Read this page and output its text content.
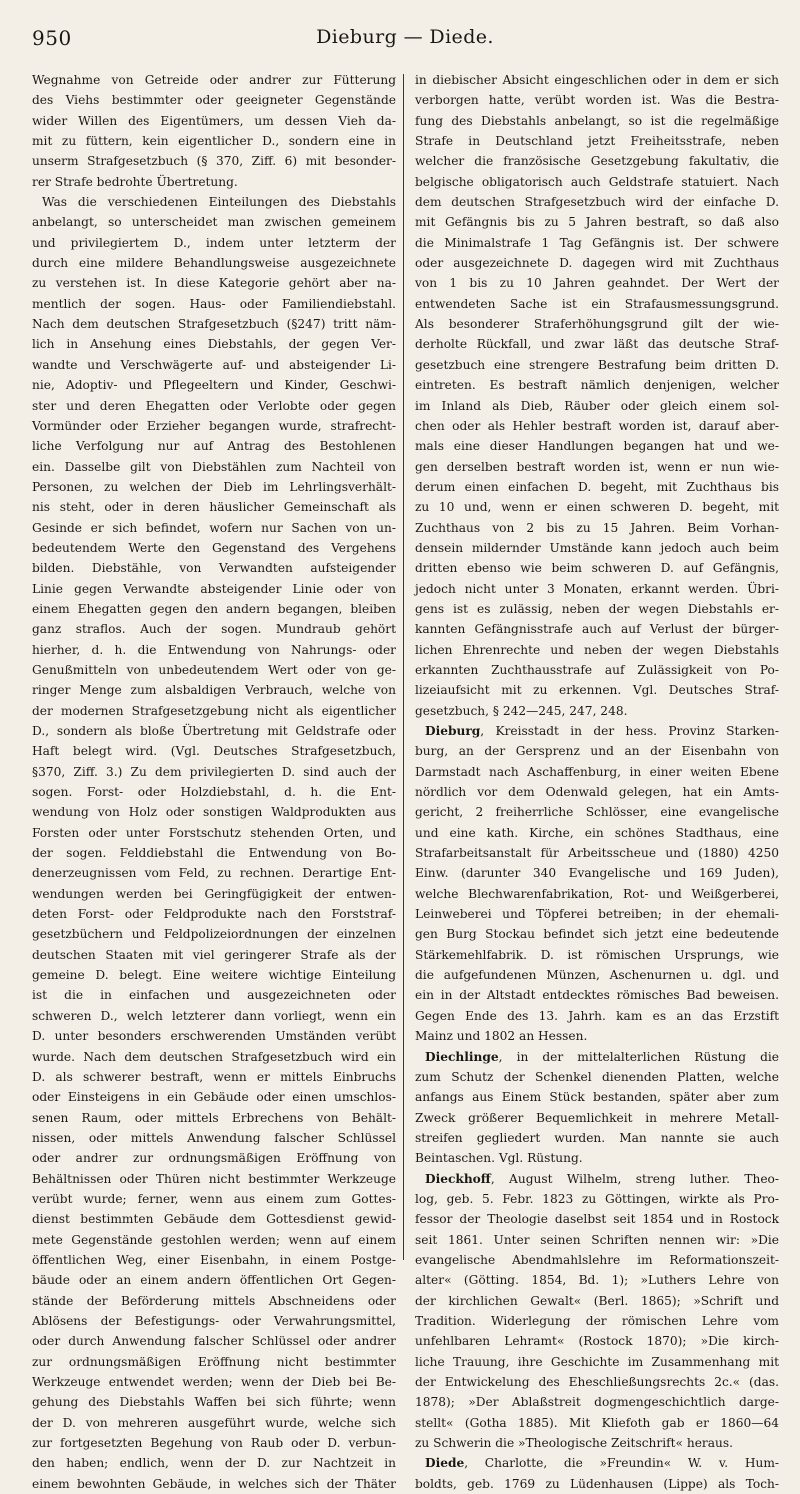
950	Dieburg — Diede.
Wegnahme von Getreide oder andrer zur Fütterung
des Viehs bestimmter oder geeigneter Gegenstände
wider Willen des Eigentümers, um dessen Vieh da-
mit zu füttern, kein eigentlicher D., sondern eine in
unserm Strafgesetzbuch (§ 370, Ziff. 6) mit besonder-
rer Strafe bedrohte Übertretung.
Was die verschiedenen Einteilungen des Diebstahls
anbelangt, so unterscheidet man zwischen gemeinem
und privilegiertem D., indem unter letzterm der
durch eine mildere Behandlungsweise ausgezeichnete
zu verstehen ist. In diese Kategorie gehört aber na-
mentlich der sogen. Haus- oder Familiendiebstahl.
Nach dem deutschen Strafgesetzbuch (§247) tritt näm-
lich in Ansehung eines Diebstahls, der gegen Ver-
wandte und Verschwägerte auf- und absteigender Li-
nie, Adoptiv- und Pflegeeltern und Kinder, Geschwi-
ster und deren Ehegatten oder Verlobte oder gegen
Vormünder oder Erzieher begangen wurde, strafrecht-
liche Verfolgung nur auf Antrag des Bestohlenen
ein. Dasselbe gilt von Diebstählen zum Nachteil von
Personen, zu welchen der Dieb im Lehrlingsverhält-
nis steht, oder in deren häuslicher Gemeinschaft als
Gesinde er sich befindet, wofern nur Sachen von un-
bedeutendem Werte den Gegenstand des Vergehens
bilden. Diebstähle, von Verwandten aufsteigender
Linie gegen Verwandte absteigender Linie oder von
einem Ehegatten gegen den andern begangen, bleiben
ganz straflos. Auch der sogen. Mundraub gehört
hierher, d. h. die Entwendung von Nahrungs- oder
Genußmitteln von unbedeutendem Wert oder von ge-
ringer Menge zum alsbaldigen Verbrauch, welche von
der modernen Strafgesetzgebung nicht als eigentlicher
D., sondern als bloße Übertretung mit Geldstrafe oder
Haft belegt wird. (Vgl. Deutsches Strafgesetzbuch,
§370, Ziff. 3.) Zu dem privilegierten D. sind auch der
sogen. Forst- oder Holzdiebstahl, d. h. die Ent-
wendung von Holz oder sonstigen Waldprodukten aus
Forsten oder unter Forstschutz stehenden Orten, und
der sogen. Felddiebstahl die Entwendung von Bo-
denerzeugnissen vom Feld, zu rechnen. Derartige Ent-
wendungen werden bei Geringfügigkeit der entwen-
deten Forst- oder Feldprodukte nach den Forststraf-
gesetzbüchern und Feldpolizeiordnungen der einzelnen
deutschen Staaten mit viel geringerer Strafe als der
gemeine D. belegt. Eine weitere wichtige Einteilung
ist die in einfachen und ausgezeichneten oder
schweren D., welch letzterer dann vorliegt, wenn ein
D. unter besonders erschwerenden Umständen verübt
wurde. Nach dem deutschen Strafgesetzbuch wird ein
D. als schwerer bestraft, wenn er mittels Einbruchs
oder Einsteigens in ein Gebäude oder einen umschlos-
senen Raum, oder mittels Erbrechens von Behält-
nissen, oder mittels Anwendung falscher Schlüssel
oder andrer zur ordnungsmäßigen Eröffnung von
Behältnissen oder Thüren nicht bestimmter Werkzeuge
verübt wurde; ferner, wenn aus einem zum Gottes-
dienst bestimmten Gebäude dem Gottesdienst gewid-
mete Gegenstände gestohlen werden; wenn auf einem
öffentlichen Weg, einer Eisenbahn, in einem Postge-
bäude oder an einem andern öffentlichen Ort Gegen-
stände der Beförderung mittels Abschneidens oder
Ablösens der Befestigungs- oder Verwahrungsmittel,
oder durch Anwendung falscher Schlüssel oder andrer
zur ordnungsmäßigen Eröffnung nicht bestimmter
Werkzeuge entwendet werden; wenn der Dieb bei Be-
gehung des Diebstahls Waffen bei sich führte; wenn
der D. von mehreren ausgeführt wurde, welche sich
zur fortgesetzten Begehung von Raub oder D. verbun-
den haben; endlich, wenn der D. zur Nachtzeit in
einem bewohnten Gebäude, in welches sich der Thäter
in diebischer Absicht eingeschlichen oder in dem er sich
verborgen hatte, verübt worden ist. Was die Bestra-
fung des Diebstahls anbelangt, so ist die regelmäßige
Strafe in Deutschland jetzt Freiheitsstrafe, neben
welcher die französische Gesetzgebung fakultativ, die
belgische obligatorisch auch Geldstrafe statuiert. Nach
dem deutschen Strafgesetzbuch wird der einfache D.
mit Gefängnis bis zu 5 Jahren bestraft, so daß also
die Minimalstrafe 1 Tag Gefängnis ist. Der schwere
oder ausgezeichnete D. dagegen wird mit Zuchthaus
von 1 bis zu 10 Jahren geahndet. Der Wert der
entwendeten Sache ist ein Strafausmessungsgrund.
Als besonderer Straferhöhungsgrund gilt der wie-
derholte Rückfall, und zwar läßt das deutsche Straf-
gesetzbuch eine strengere Bestrafung beim dritten D.
eintreten. Es bestraft nämlich denjenigen, welcher
im Inland als Dieb, Räuber oder gleich einem sol-
chen oder als Hehler bestraft worden ist, darauf aber-
mals eine dieser Handlungen begangen hat und we-
gen derselben bestraft worden ist, wenn er nun wie-
derum einen einfachen D. begeht, mit Zuchthaus bis
zu 10 und, wenn er einen schweren D. begeht, mit
Zuchthaus von 2 bis zu 15 Jahren. Beim Vorhan-
densein mildernder Umstände kann jedoch auch beim
dritten ebenso wie beim schweren D. auf Gefängnis,
jedoch nicht unter 3 Monaten, erkannt werden. Übri-
gens ist es zulässig, neben der wegen Diebstahls er-
kannten Gefängnisstrafe auch auf Verlust der bürger-
lichen Ehrenrechte und neben der wegen Diebstahls
erkannten Zuchthausstrafe auf Zulässigkeit von Po-
lizeiaufsicht mit zu erkennen. Vgl. Deutsches Straf-
gesetzbuch, § 242—245, 247, 248.
Dieburg, Kreisstadt in der hess. Provinz Starken-
burg, an der Gersprenz und an der Eisenbahn von
Darmstadt nach Aschaffenburg, in einer weiten Ebene
nördlich vor dem Odenwald gelegen, hat ein Amts-
gericht, 2 freiherrliche Schlösser, eine evangelische
und eine kath. Kirche, ein schönes Stadthaus, eine
Strafarbeitsanstalt für Arbeitsscheue und (1880) 4250
Einw. (darunter 340 Evangelische und 169 Juden),
welche Blechwarenfabrikation, Rot- und Weißgerberei,
Leinweberei und Töpferei betreiben; in der ehemali-
gen Burg Stockau befindet sich jetzt eine bedeutende
Stärkemehlfabrik. D. ist römischen Ursprungs, wie
die aufgefundenen Münzen, Aschenurnen u. dgl. und
ein in der Altstadt entdecktes römisches Bad beweisen.
Gegen Ende des 13. Jahrh. kam es an das Erzstift
Mainz und 1802 an Hessen.
Diechlinge, in der mittelalterlichen Rüstung die
zum Schutz der Schenkel dienenden Platten, welche
anfangs aus Einem Stück bestanden, später aber zum
Zweck größerer Bequemlichkeit in mehrere Metall-
streifen gegliedert wurden. Man nannte sie auch
Beintaschen. Vgl. Rüstung.
Dieckhoff, August Wilhelm, streng luther. Theo-
log, geb. 5. Febr. 1823 zu Göttingen, wirkte als Pro-
fessor der Theologie daselbst seit 1854 und in Rostock
seit 1861. Unter seinen Schriften nennen wir: »Die
evangelische Abendmahlslehre im Reformationszeit-
alter« (Götting. 1854, Bd. 1); »Luthers Lehre von
der kirchlichen Gewalt« (Berl. 1865); »Schrift und
Tradition. Widerlegung der römischen Lehre vom
unfehlbaren Lehramt« (Rostock 1870); »Die kirch-
liche Trauung, ihre Geschichte im Zusammenhang mit
der Entwickelung des Eheschließungsrechts 2c.« (das.
1878); »Der Ablaßstreit dogmengeschichtlich darge-
stellt« (Gotha 1885). Mit Kliefoth gab er 1860—64
zu Schwerin die »Theologische Zeitschrift« heraus.
Diede, Charlotte, die »Freundin« W. v. Hum-
boldts, geb. 1769 zu Lüdenhausen (Lippe) als Toch-
